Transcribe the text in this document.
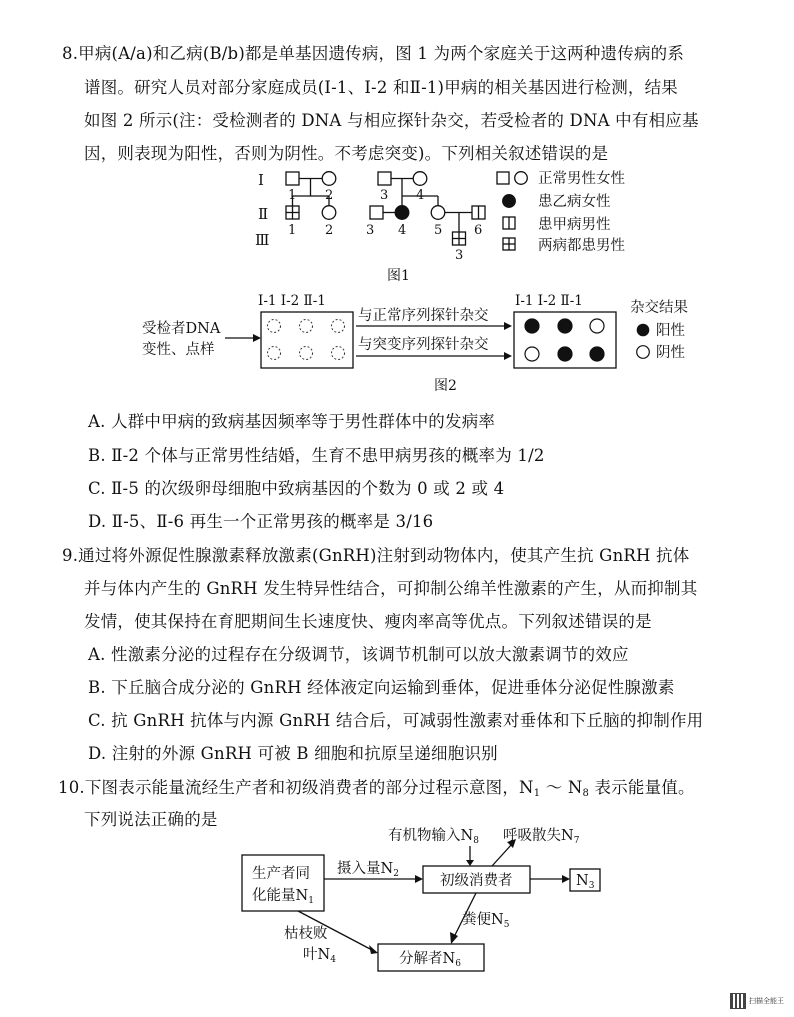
8.甲病(A/a)和乙病(B/b)都是单基因遗传病，图 1 为两个家庭关于这两种遗传病的系
谱图。研究人员对部分家庭成员(Ⅰ-1、Ⅰ-2 和Ⅱ-1)甲病的相关基因进行检测，结果
如图 2 所示(注：受检测者的 DNA 与相应探针杂交，若受检者的 DNA 中有相应基
因，则表现为阳性，否则为阴性。不考虑突变)。下列相关叙述错误的是
Ⅰ
Ⅱ
Ⅲ
1 2	3 4
1 2	3 4 5 6
3
正常男性女性
患乙病女性
患甲病男性
两病都患男性
图1
受检者DNA
变性、点样
Ⅰ-1 Ⅰ-2 Ⅱ-1
与正常序列探针杂交
与突变序列探针杂交
Ⅰ-1 Ⅰ-2 Ⅱ-1	杂交结果
阳性
阴性
图2
A. 人群中甲病的致病基因频率等于男性群体中的发病率
B. Ⅱ-2 个体与正常男性结婚，生育不患甲病男孩的概率为 1/2
C. Ⅱ-5 的次级卵母细胞中致病基因的个数为 0 或 2 或 4
D. Ⅱ-5、Ⅱ-6 再生一个正常男孩的概率是 3/16
9.通过将外源促性腺激素释放激素(GnRH)注射到动物体内，使其产生抗 GnRH 抗体
并与体内产生的 GnRH 发生特异性结合，可抑制公绵羊性激素的产生，从而抑制其
发情，使其保持在育肥期间生长速度快、瘦肉率高等优点。下列叙述错误的是
A. 性激素分泌的过程存在分级调节，该调节机制可以放大激素调节的效应
B. 下丘脑合成分泌的 GnRH 经体液定向运输到垂体，促进垂体分泌促性腺激素
C. 抗 GnRH 抗体与内源 GnRH 结合后，可减弱性激素对垂体和下丘脑的抑制作用
D. 注射的外源 GnRH 可被 B 细胞和抗原呈递细胞识别
10.下图表示能量流经生产者和初级消费者的部分过程示意图，$N_1$ ～ $N_8$ 表示能量值。
下列说法正确的是
生产者同
化能量$N_1$
摄入量$N_2$	初级消费者	$N_3$
有机物输入$N_8$ 呼吸散失$N_7$
粪便$N_5$
枯枝败
叶$N_4$	分解者$N_6$
扫描全能王
